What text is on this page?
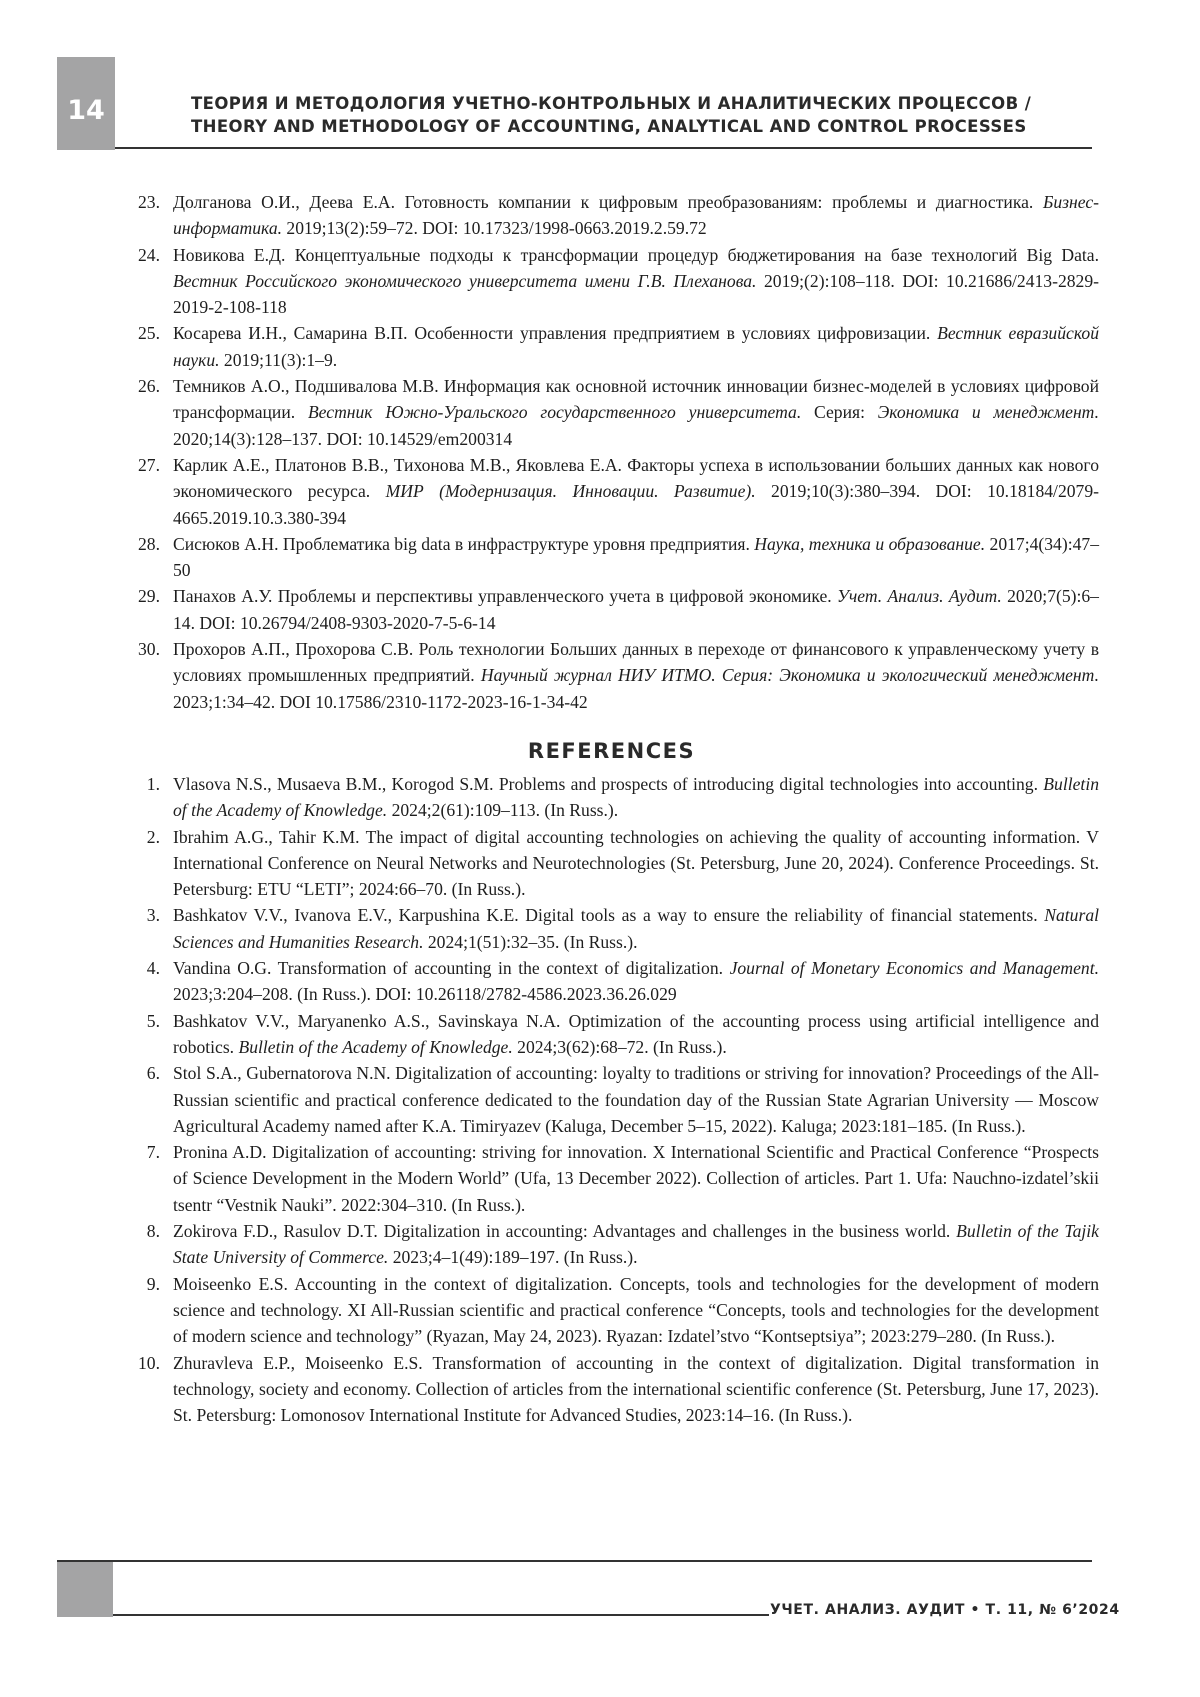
14	ТЕОРИЯ И МЕТОДОЛОГИЯ УЧЕТНО-КОНТРОЛЬНЫХ И АНАЛИТИЧЕСКИХ ПРОЦЕССОВ /
THEORY AND METHODOLOGY OF ACCOUNTING, ANALYTICAL AND CONTROL PROCESSES
23. Долганова О.И., Деева Е.А. Готовность компании к цифровым преобразованиям: проблемы и диагностика. Бизнес-информатика. 2019;13(2):59–72. DOI: 10.17323/1998-0663.2019.2.59.72
24. Новикова Е.Д. Концептуальные подходы к трансформации процедур бюджетирования на базе технологий Big Data. Вестник Российского экономического университета имени Г.В. Плеханова. 2019;(2):108–118. DOI: 10.21686/2413-2829-2019-2-108-118
25. Косарева И.Н., Самарина В.П. Особенности управления предприятием в условиях цифровизации. Вестник евразийской науки. 2019;11(3):1–9.
26. Темников А.О., Подшивалова М.В. Информация как основной источник инновации бизнес-моделей в условиях цифровой трансформации. Вестник Южно-Уральского государственного университета. Серия: Экономика и менеджмент. 2020;14(3):128–137. DOI: 10.14529/em200314
27. Карлик А.Е., Платонов В.В., Тихонова М.В., Яковлева Е.А. Факторы успеха в использовании больших данных как нового экономического ресурса. МИР (Модернизация. Инновации. Развитие). 2019;10(3):380–394. DOI: 10.18184/2079-4665.2019.10.3.380-394
28. Сисюков А.Н. Проблематика big data в инфраструктуре уровня предприятия. Наука, техника и образование. 2017;4(34):47–50
29. Панахов А.У. Проблемы и перспективы управленческого учета в цифровой экономике. Учет. Анализ. Аудит. 2020;7(5):6–14. DOI: 10.26794/2408-9303-2020-7-5-6-14
30. Прохоров А.П., Прохорова С.В. Роль технологии Больших данных в переходе от финансового к управленческому учету в условиях промышленных предприятий. Научный журнал НИУ ИТМО. Серия: Экономика и экологический менеджмент. 2023;1:34–42. DOI 10.17586/2310-1172-2023-16-1-34-42
REFERENCES
1. Vlasova N.S., Musaeva B.M., Korogod S.M. Problems and prospects of introducing digital technologies into accounting. Bulletin of the Academy of Knowledge. 2024;2(61):109–113. (In Russ.).
2. Ibrahim A.G., Tahir K.M. The impact of digital accounting technologies on achieving the quality of accounting information. V International Conference on Neural Networks and Neurotechnologies (St. Petersburg, June 20, 2024). Conference Proceedings. St. Petersburg: ETU “LETI”; 2024:66–70. (In Russ.).
3. Bashkatov V.V., Ivanova E.V., Karpushina K.E. Digital tools as a way to ensure the reliability of financial statements. Natural Sciences and Humanities Research. 2024;1(51):32–35. (In Russ.).
4. Vandina O.G. Transformation of accounting in the context of digitalization. Journal of Monetary Economics and Management. 2023;3:204–208. (In Russ.). DOI: 10.26118/2782-4586.2023.36.26.029
5. Bashkatov V.V., Maryanenko A.S., Savinskaya N.A. Optimization of the accounting process using artificial intelligence and robotics. Bulletin of the Academy of Knowledge. 2024;3(62):68–72. (In Russ.).
6. Stol S.A., Gubernatorova N.N. Digitalization of accounting: loyalty to traditions or striving for innovation? Proceedings of the All-Russian scientific and practical conference dedicated to the foundation day of the Russian State Agrarian University — Moscow Agricultural Academy named after K.A. Timiryazev (Kaluga, December 5–15, 2022). Kaluga; 2023:181–185. (In Russ.).
7. Pronina A.D. Digitalization of accounting: striving for innovation. X International Scientific and Practical Conference “Prospects of Science Development in the Modern World” (Ufa, 13 December 2022). Collection of articles. Part 1. Ufa: Nauchno-izdatel’skii tsentr “Vestnik Nauki”. 2022:304–310. (In Russ.).
8. Zokirova F.D., Rasulov D.T. Digitalization in accounting: Advantages and challenges in the business world. Bulletin of the Tajik State University of Commerce. 2023;4–1(49):189–197. (In Russ.).
9. Moiseenko E.S. Accounting in the context of digitalization. Concepts, tools and technologies for the development of modern science and technology. XI All-Russian scientific and practical conference “Concepts, tools and technologies for the development of modern science and technology” (Ryazan, May 24, 2023). Ryazan: Izdatel’stvo “Kontseptsiya”; 2023:279–280. (In Russ.).
10. Zhuravleva E.P., Moiseenko E.S. Transformation of accounting in the context of digitalization. Digital transformation in technology, society and economy. Collection of articles from the international scientific conference (St. Petersburg, June 17, 2023). St. Petersburg: Lomonosov International Institute for Advanced Studies, 2023:14–16. (In Russ.).
УЧЕТ. АНАЛИЗ. АУДИТ • Т. 11, № 6’2024
